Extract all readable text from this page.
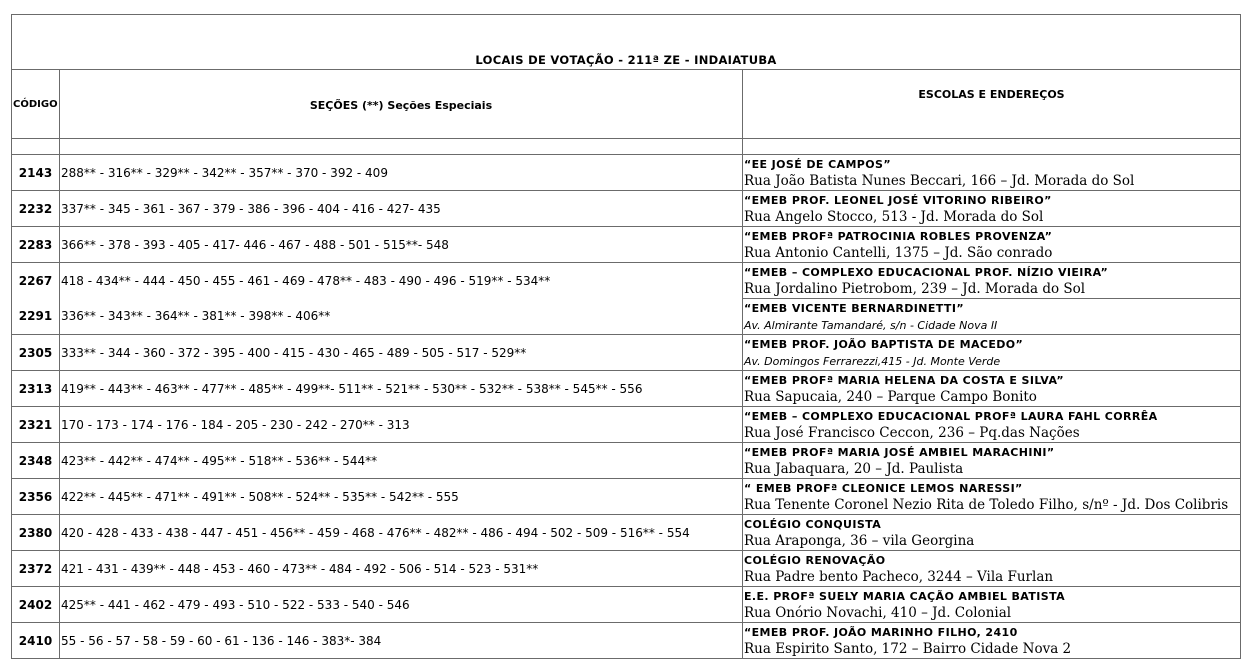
LOCAIS DE VOTAÇÃO - 211ª ZE - INDAIATUBA		
CÓDIGO	SEÇÕES (**) Seções Especiais	ESCOLAS E ENDEREÇOS

2143	288** - 316** - 329** - 342** - 357** - 370 - 392 - 409	“EE JOSÉ DE CAMPOS”
Rua João Batista Nunes Beccari, 166 – Jd. Morada do Sol

2232	337** - 345 - 361 - 367 - 379 - 386 - 396 - 404 - 416 - 427- 435	“EMEB PROF. LEONEL JOSÉ VITORINO RIBEIRO”
Rua Angelo Stocco, 513 - Jd. Morada do Sol

2283	366** - 378 - 393 - 405 - 417- 446 - 467 - 488 - 501 - 515**- 548	“EMEB PROFª PATROCINIA ROBLES PROVENZA”
Rua Antonio Cantelli, 1375 – Jd. São conrado

2267	418 - 434** - 444 - 450 - 455 - 461 - 469 - 478** - 483 - 490 - 496 - 519** - 534**	“EMEB – COMPLEXO EDUCACIONAL PROF. NÍZIO VIEIRA”
Rua Jordalino Pietrobom, 239 – Jd. Morada do Sol

2291	336** - 343** - 364** - 381** - 398** - 406**	“EMEB VICENTE BERNARDINETTI”
Av. Almirante Tamandaré, s/n - Cidade Nova II

2305	333** - 344 - 360 - 372 - 395 - 400 - 415 - 430 - 465 - 489 - 505 - 517 - 529**	“EMEB PROF. JOÃO BAPTISTA DE MACEDO”
Av. Domingos Ferrarezzi,415 - Jd. Monte Verde

2313	419** - 443** - 463** - 477** - 485** - 499**- 511** - 521** - 530** - 532** - 538** - 545** - 556	“EMEB PROFª MARIA HELENA DA COSTA E SILVA”
Rua Sapucaia, 240 – Parque Campo Bonito

2321	170 - 173 - 174 - 176 - 184 - 205 - 230 - 242 - 270** - 313	“EMEB – COMPLEXO EDUCACIONAL PROFª LAURA FAHL CORRÊA
Rua José Francisco Ceccon, 236 – Pq.das Nações

2348	423** - 442** - 474** - 495** - 518** - 536** - 544**	“EMEB PROFª MARIA JOSÉ AMBIEL MARACHINI”
Rua Jabaquara, 20 – Jd. Paulista

2356	422** - 445** - 471** - 491** - 508** - 524** - 535** - 542** - 555	“ EMEB PROFª CLEONICE LEMOS NARESSI”
Rua Tenente Coronel Nezio Rita de Toledo Filho, s/nº - Jd. Dos Colibris

2380	420 - 428 - 433 - 438 - 447 - 451 - 456** - 459 - 468 - 476** - 482** - 486 - 494 - 502 - 509 - 516** - 554	COLÉGIO CONQUISTA
Rua Araponga, 36 – vila Georgina

2372	421 - 431 - 439** - 448 - 453 - 460 - 473** - 484 - 492 - 506 - 514 - 523 - 531**	COLÉGIO RENOVAÇÃO
Rua Padre bento Pacheco, 3244 – Vila Furlan

2402	425** - 441 - 462 - 479 - 493 - 510 - 522 - 533 - 540 - 546	E.E. PROFª SUELY MARIA CAÇÃO AMBIEL BATISTA
Rua Onório Novachi, 410 – Jd. Colonial

2410	55 - 56 - 57 - 58 - 59 - 60 - 61 - 136 - 146 - 383*- 384	“EMEB PROF. JOÃO MARINHO FILHO, 2410
Rua Espirito Santo, 172 – Bairro Cidade Nova 2
